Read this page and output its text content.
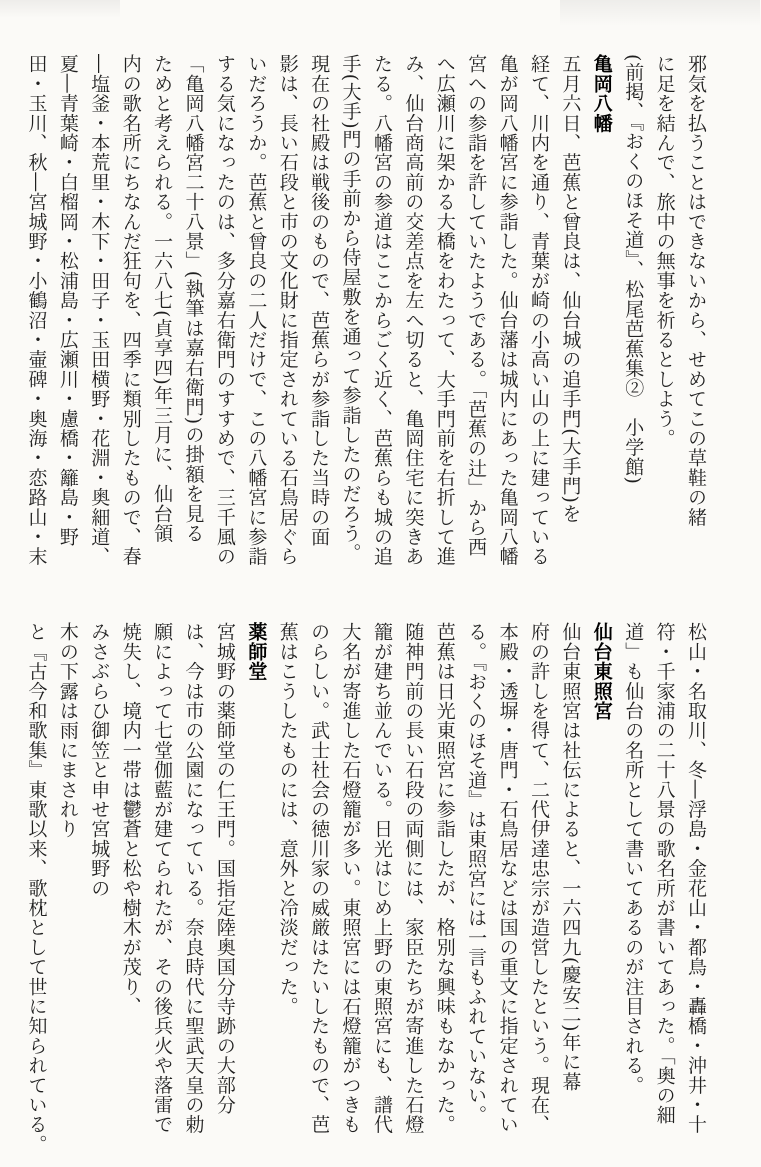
邪気を払うことはできないから、せめてこの草鞋の緒
に足を結んで、旅中の無事を祈るとしよう。
(前掲、『おくのほそ道』、松尾芭蕉集②　小学館)
亀岡八幡
五月六日、芭蕉と曾良は、仙台城の追手門(大手門)を
経て、川内を通り、青葉が崎の小高い山の上に建っている
亀が岡八幡宮に参詣した。仙台藩は城内にあった亀岡八幡
宮への参詣を許していたようである。「芭蕉の辻」から西
へ広瀬川に架かる大橋をわたって、大手門前を右折して進
み、仙台商高前の交差点を左へ切ると、亀岡住宅に突きあ
たる。八幡宮の参道はここからごく近く、芭蕉らも城の追
手(大手)門の手前から侍屋敷を通って参詣したのだろう。
現在の社殿は戦後のもので、芭蕉らが参詣した当時の面
影は、長い石段と市の文化財に指定されている石鳥居ぐら
いだろうか。芭蕉と曾良の二人だけで、この八幡宮に参詣
する気になったのは、多分嘉右衛門のすすめで、三千風の
「亀岡八幡宮二十八景」(執筆は嘉右衛門)の掛額を見る
ためと考えられる。一六八七(貞享四)年三月に、仙台領
内の歌名所にちなんだ狂句を、四季に類別したもので、春
―塩釜・本荒里・木下・田子・玉田横野・花淵・奥細道、
夏―青葉崎・白榴岡・松浦島・広瀬川・慮橋・籬島・野
田・玉川、秋―宮城野・小鶴沼・壷碑・奥海・恋路山・末
松山・名取川、冬―浮島・金花山・都鳥・轟橋・沖井・十
符・千家浦の二十八景の歌名所が書いてあった。「奥の細
道」も仙台の名所として書いてあるのが注目される。
仙台東照宮
仙台東照宮は社伝によると、一六四九(慶安二)年に幕
府の許しを得て、二代伊達忠宗が造営したという。現在、
本殿・透塀・唐門・石鳥居などは国の重文に指定されてい
る。『おくのほそ道』は東照宮には一言もふれていない。
芭蕉は日光東照宮に参詣したが、格別な興味もなかった。
随神門前の長い石段の両側には、家臣たちが寄進した石燈
籠が建ち並んでいる。日光はじめ上野の東照宮にも、譜代
大名が寄進した石燈籠が多い。東照宮には石燈籠がつきも
のらしい。武士社会の徳川家の威厳はたいしたもので、芭
蕉はこうしたものには、意外と冷淡だった。
薬師堂
宮城野の薬師堂の仁王門。国指定陸奥国分寺跡の大部分
は、今は市の公園になっている。奈良時代に聖武天皇の勅
願によって七堂伽藍が建てられたが、その後兵火や落雷で
焼失し、境内一帯は鬱蒼と松や樹木が茂り、
みさぶらひ御笠と申せ宮城野の
木の下露は雨にまされり
と『古今和歌集』東歌以来、歌枕として世に知られている。
